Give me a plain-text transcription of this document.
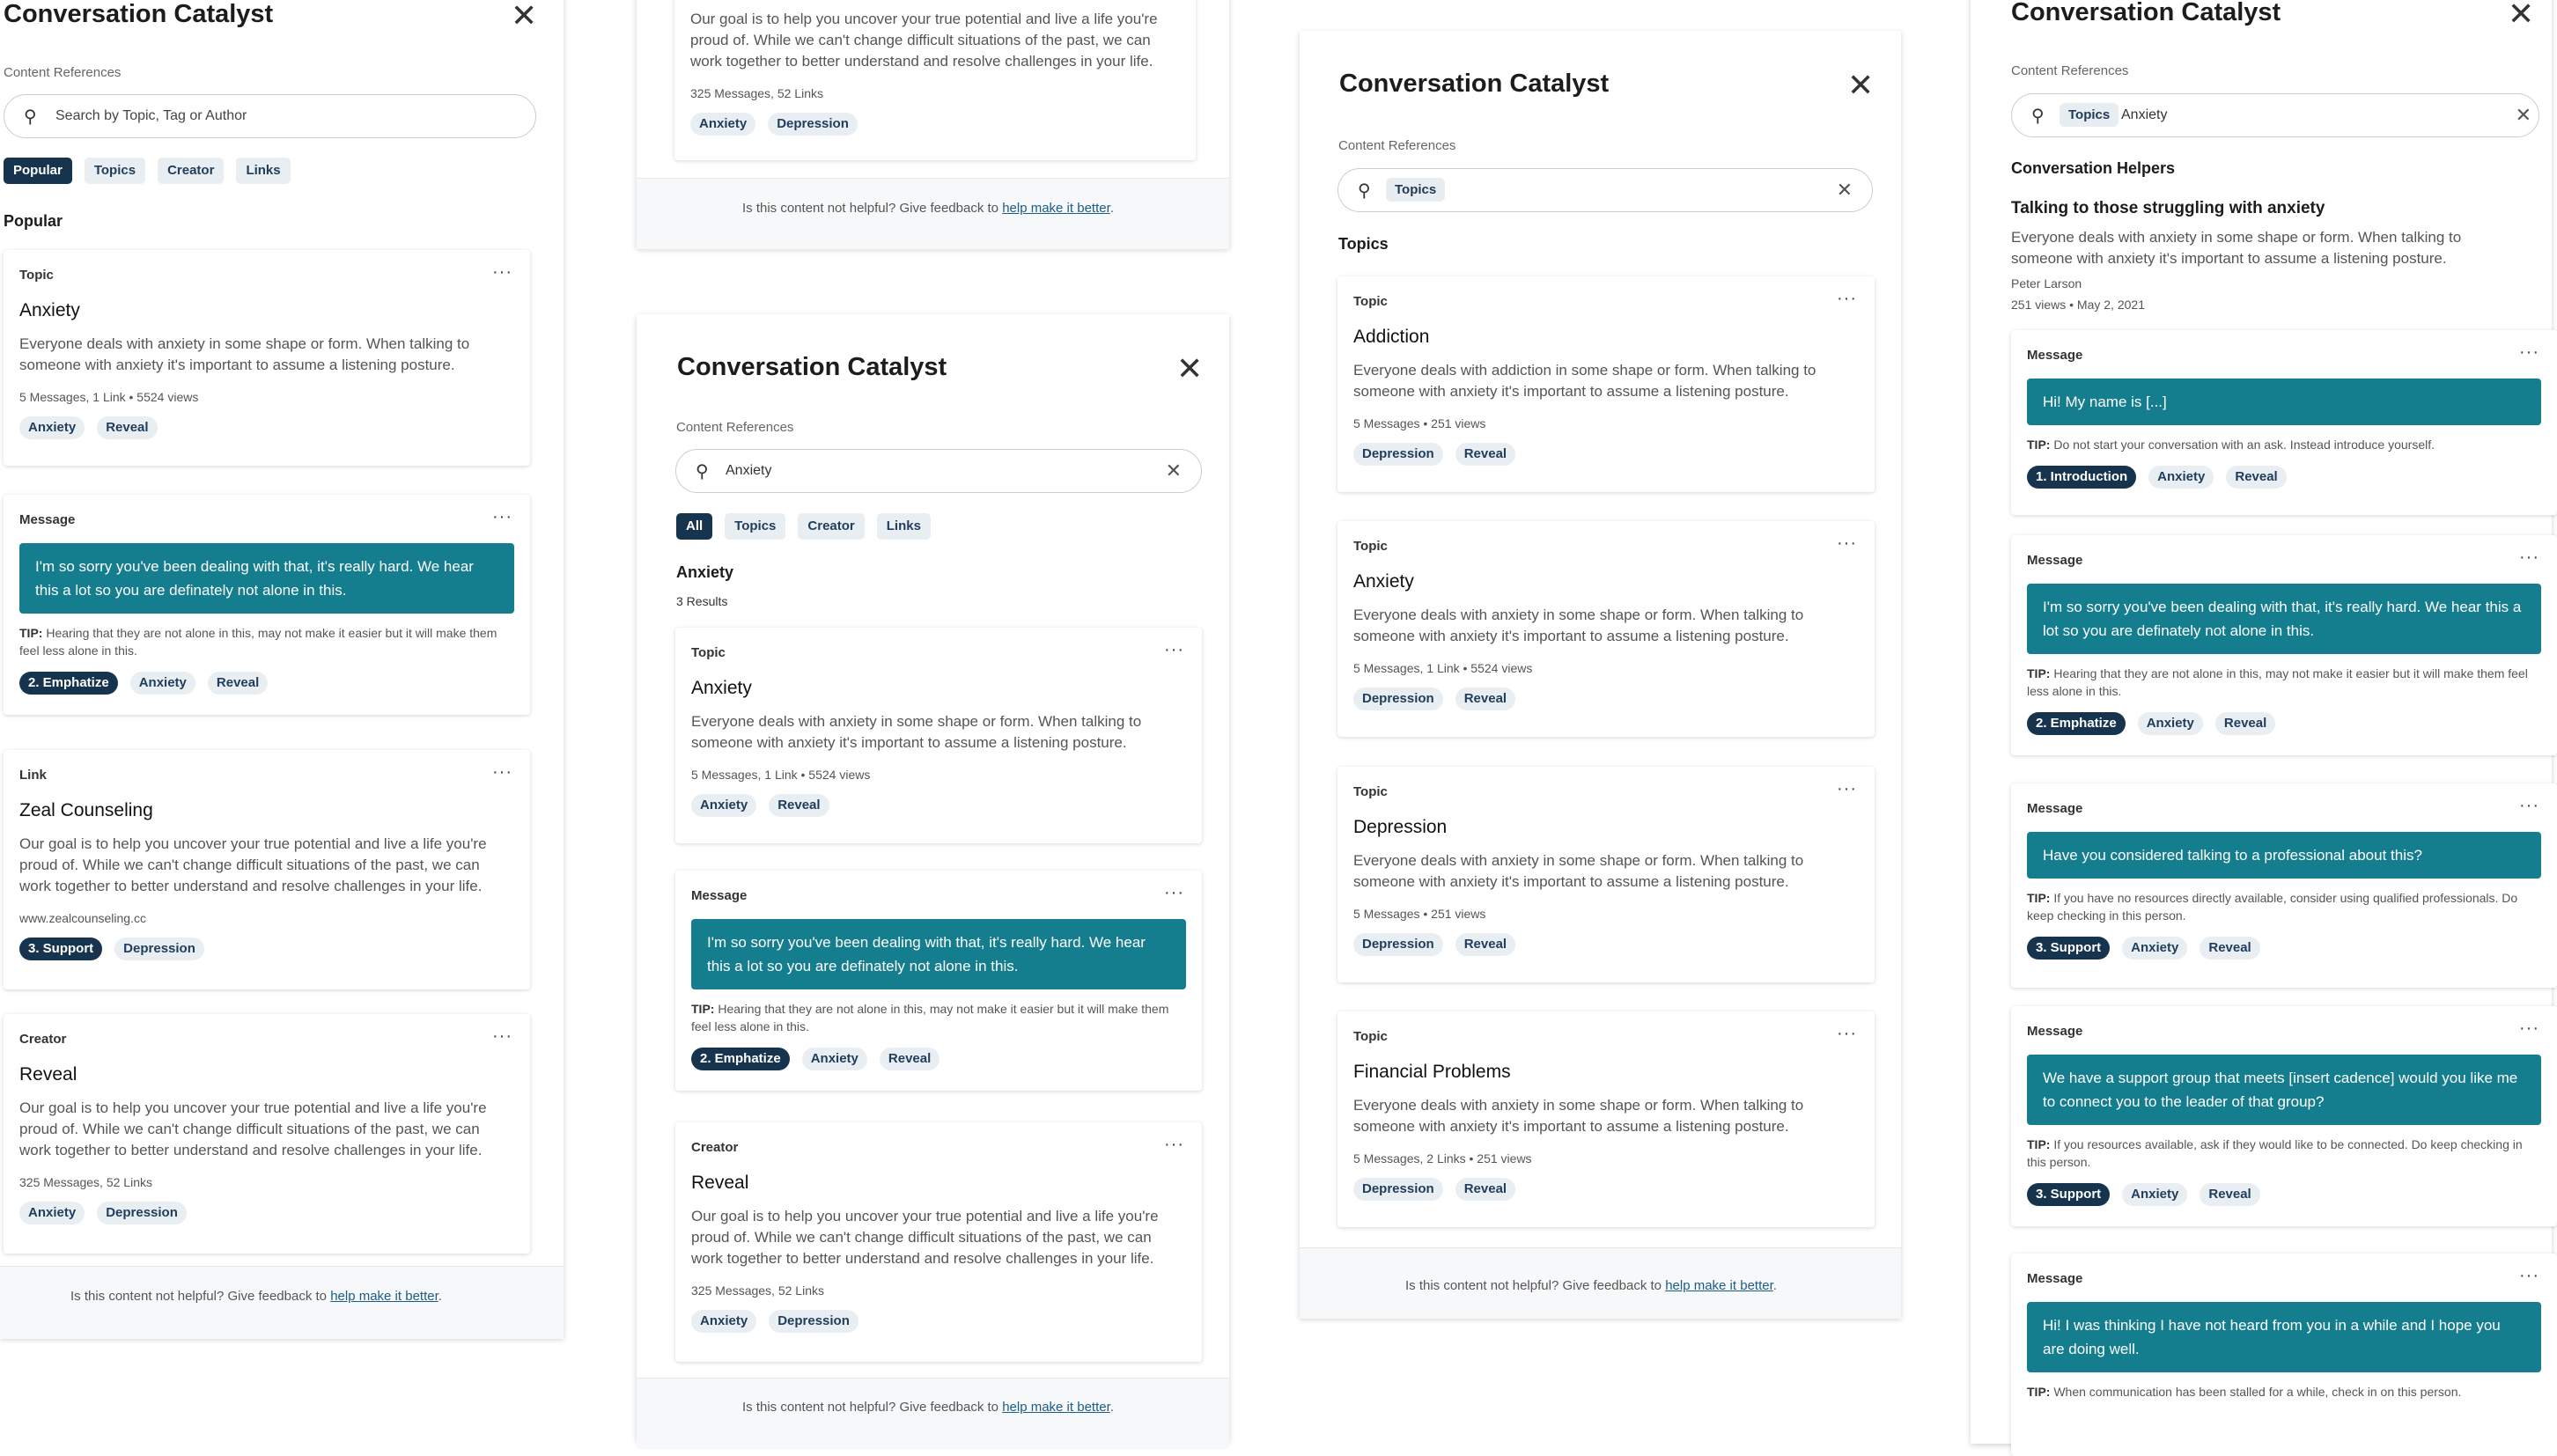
Conversation Catalyst	✕
Content References
⚲ Search by Topic, Tag or Author
Popular	Topics	Creator	Links
Popular
Topic	···
Anxiety
Everyone deals with anxiety in some shape or form. When talking to someone with anxiety it's important to assume a listening posture.
5 Messages, 1 Link • 5524 views
Anxiety	Reveal
Message	···
I'm so sorry you've been dealing with that, it's really hard. We hear this a lot so you are definately not alone in this.
TIP: Hearing that they are not alone in this, may not make it easier but it will make them feel less alone in this.
2. Emphatize	Anxiety	Reveal
Link	···
Zeal Counseling
Our goal is to help you uncover your true potential and live a life you're proud of. While we can't change difficult situations of the past, we can work together to better understand and resolve challenges in your life.
www.zealcounseling.cc
3. Support	Depression
Creator	···
Reveal
Our goal is to help you uncover your true potential and live a life you're proud of. While we can't change difficult situations of the past, we can work together to better understand and resolve challenges in your life.
325 Messages, 52 Links
Anxiety	Depression
Is this content not helpful? Give feedback to help make it better.
Our goal is to help you uncover your true potential and live a life you're proud of. While we can't change difficult situations of the past, we can work together to better understand and resolve challenges in your life.
325 Messages, 52 Links
Anxiety	Depression
Is this content not helpful? Give feedback to help make it better.
Conversation Catalyst	✕
Content References
⚲ Anxiety	✕
All	Topics	Creator	Links
Anxiety
3 Results
Topic	···
Anxiety
Everyone deals with anxiety in some shape or form. When talking to someone with anxiety it's important to assume a listening posture.
5 Messages, 1 Link • 5524 views
Anxiety	Reveal
Message	···
I'm so sorry you've been dealing with that, it's really hard. We hear this a lot so you are definately not alone in this.
TIP: Hearing that they are not alone in this, may not make it easier but it will make them feel less alone in this.
2. Emphatize	Anxiety	Reveal
Creator	···
Reveal
Our goal is to help you uncover your true potential and live a life you're proud of. While we can't change difficult situations of the past, we can work together to better understand and resolve challenges in your life.
325 Messages, 52 Links
Anxiety	Depression
Is this content not helpful? Give feedback to help make it better.
Conversation Catalyst	✕
Content References
⚲	Topics	✕
Topics
Topic	···
Addiction
Everyone deals with addiction in some shape or form. When talking to someone with anxiety it's important to assume a listening posture.
5 Messages • 251 views
Depression	Reveal
Topic	···
Anxiety
Everyone deals with anxiety in some shape or form. When talking to someone with anxiety it's important to assume a listening posture.
5 Messages, 1 Link • 5524 views
Depression	Reveal
Topic	···
Depression
Everyone deals with anxiety in some shape or form. When talking to someone with anxiety it's important to assume a listening posture.
5 Messages • 251 views
Depression	Reveal
Topic	···
Financial Problems
Everyone deals with anxiety in some shape or form. When talking to someone with anxiety it's important to assume a listening posture.
5 Messages, 2 Links • 251 views
Depression	Reveal
Is this content not helpful? Give feedback to help make it better.
Conversation Catalyst	✕
Content References
⚲	Topics Anxiety	✕
Conversation Helpers
Talking to those struggling with anxiety
Everyone deals with anxiety in some shape or form. When talking to someone with anxiety it's important to assume a listening posture.
Peter Larson
251 views • May 2, 2021
Message	···
Hi! My name is [...]
TIP: Do not start your conversation with an ask. Instead introduce yourself.
1. Introduction	Anxiety	Reveal
Message	···
I'm so sorry you've been dealing with that, it's really hard. We hear this a lot so you are definately not alone in this.
TIP: Hearing that they are not alone in this, may not make it easier but it will make them feel less alone in this.
2. Emphatize	Anxiety	Reveal
Message	···
Have you considered talking to a professional about this?
TIP: If you have no resources directly available, consider using qualified professionals. Do keep checking in this person.
3. Support	Anxiety	Reveal
Message	···
We have a support group that meets [insert cadence] would you like me to connect you to the leader of that group?
TIP: If you resources available, ask if they would like to be connected. Do keep checking in this person.
3. Support	Anxiety	Reveal
Message	···
Hi! I was thinking I have not heard from you in a while and I hope you are doing well.
TIP: When communication has been stalled for a while, check in on this person.
